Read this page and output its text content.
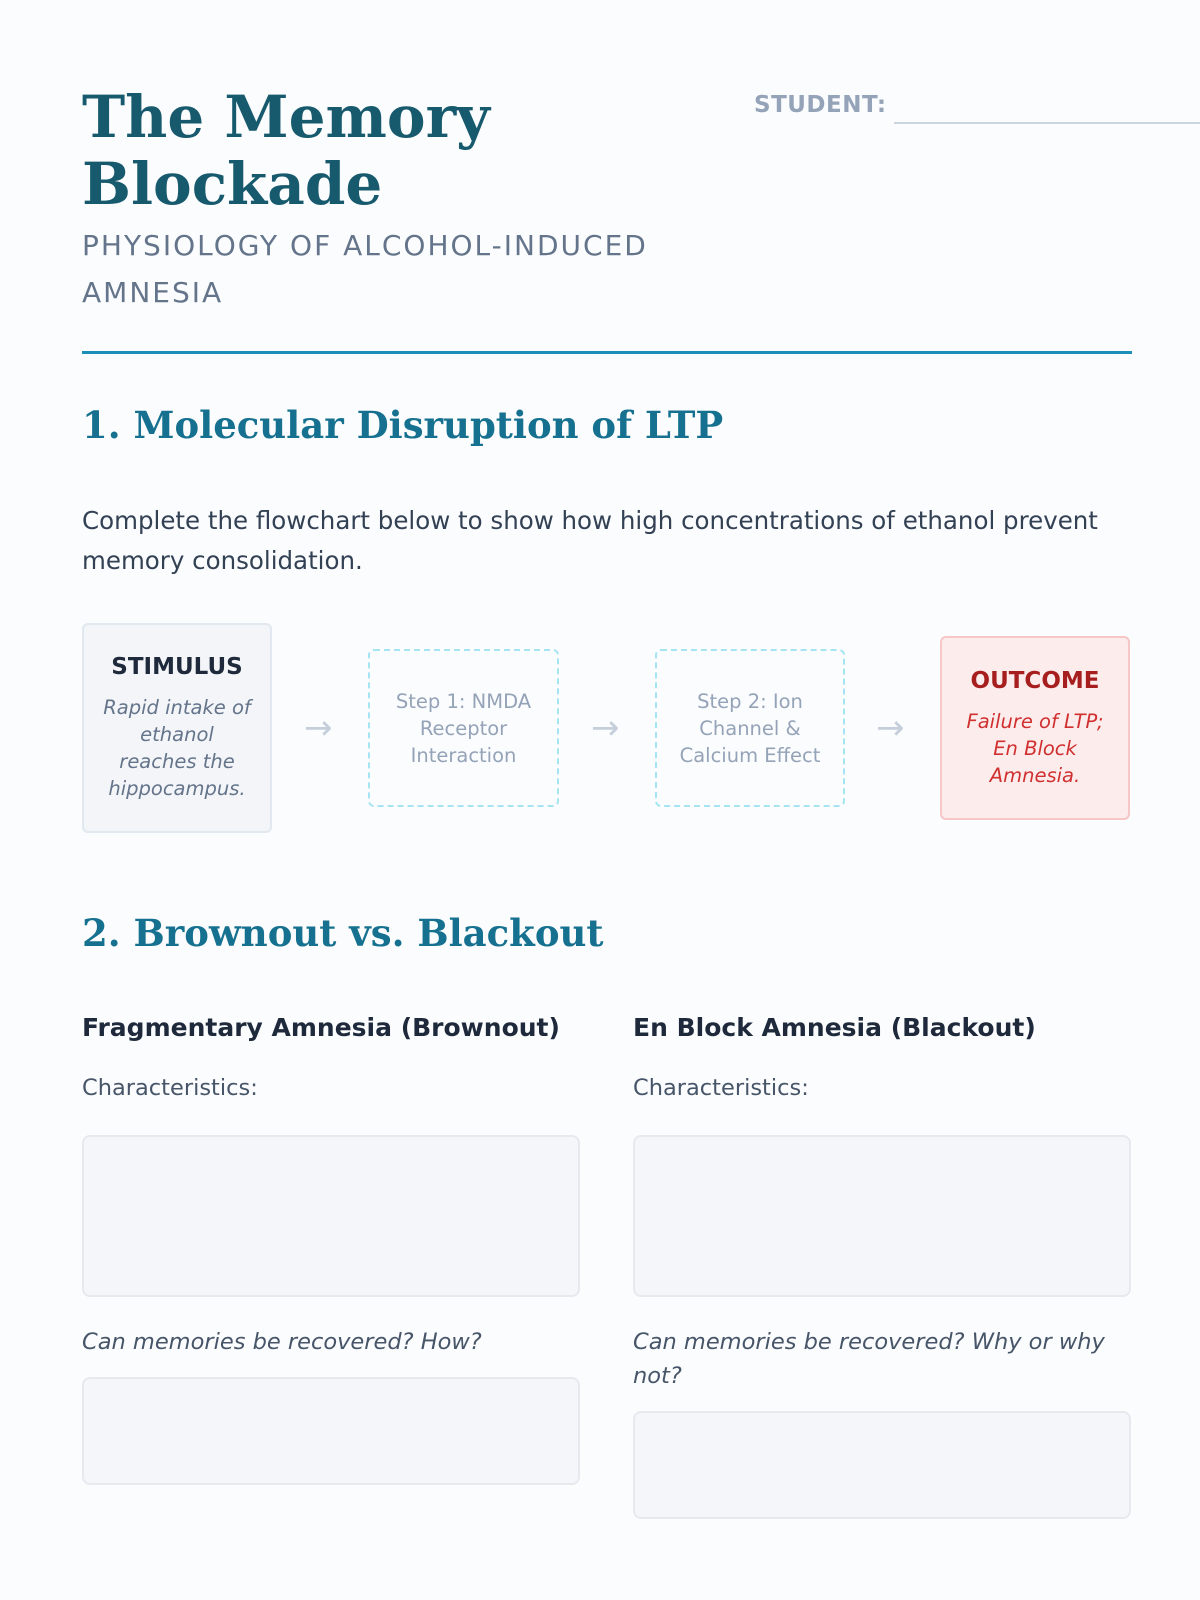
The Memory Blockade
PHYSIOLOGY OF ALCOHOL-INDUCED AMNESIA
STUDENT:
1. Molecular Disruption of LTP

Complete the flowchart below to show how high concentrations of ethanol prevent memory consolidation.

STIMULUS
Rapid intake of ethanol reaches the hippocampus.
→
Step 1: NMDA Receptor Interaction
→
Step 2: Ion Channel & Calcium Effect
→
OUTCOME
Failure of LTP; En Block Amnesia.
2. Brownout vs. Blackout
Fragmentary Amnesia (Brownout)
Characteristics:
Can memories be recovered? How?
En Block Amnesia (Blackout)
Characteristics:
Can memories be recovered? Why or why not?
